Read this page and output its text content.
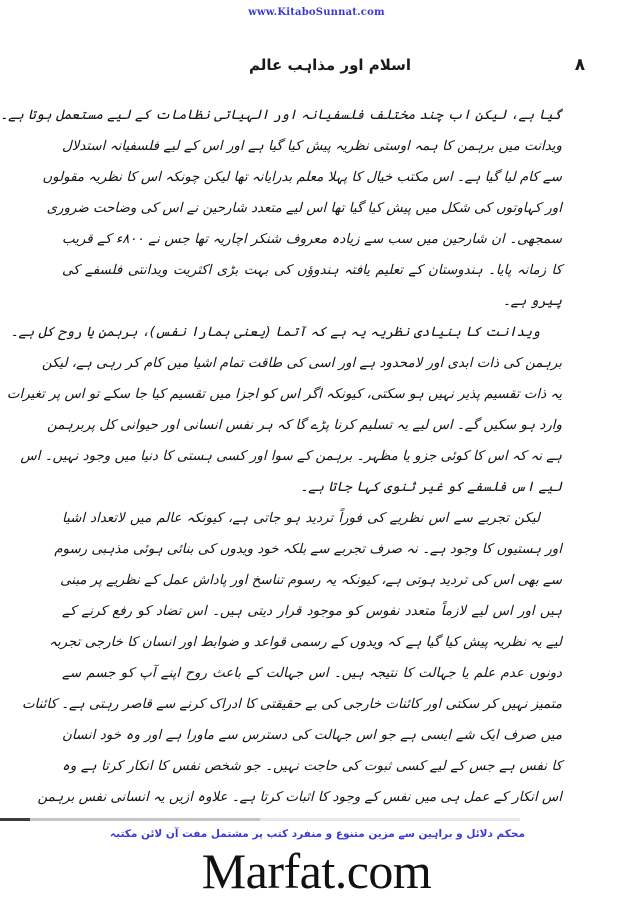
www.KitaboSunnat.com
اسلام اور مذاہب عالم	۸
گیا ہے، لیکن اب چند مختلف فلسفیانہ اور الہیاتی نظامات کے لیے مستعمل ہوتا ہے۔
ویدانت میں برہمن کا ہمہ اوستی نظریہ پیش کیا گیا ہے اور اس کے لیے فلسفیانہ استدلال
سے کام لیا گیا ہے۔ اس مکتب خیال کا پہلا معلم بدرایانہ تھا لیکن چونکہ اس کا نظریہ مقولوں
اور کہاوتوں کی شکل میں پیش کیا گیا تھا اس لیے متعدد شارحین نے اس کی وضاحت ضروری
سمجھی۔ ان شارحین میں سب سے زیادہ معروف شنکر اچاریہ تھا جس نے ۸۰۰ء کے قریب
کا زمانہ پایا۔ ہندوستان کے تعلیم یافتہ ہندوؤں کی بہت بڑی اکثریت ویدانتی فلسفے کی
پیرو ہے۔
ویدانت کا بنیادی نظریہ یہ ہے کہ آتما (یعنی ہمارا نفس)، برہمن یا روح کل ہے۔
برہمن کی ذات ابدی اور لامحدود ہے اور اسی کی طاقت تمام اشیا میں کام کر رہی ہے، لیکن
یہ ذات تقسیم پذیر نہیں ہو سکتی، کیونکہ اگر اس کو اجزا میں تقسیم کیا جا سکے تو اس پر تغیرات
وارد ہو سکیں گے۔ اس لیے یہ تسلیم کرنا پڑے گا کہ ہر نفس انسانی اور حیوانی کل پربرہمن
ہے نہ کہ اس کا کوئی جزو یا مظہر۔ برہمن کے سوا اور کسی ہستی کا دنیا میں وجود نہیں۔ اس
لیے اس فلسفے کو غیر ثنوی کہا جاتا ہے۔
لیکن تجربے سے اس نظریے کی فوراً تردید ہو جاتی ہے، کیونکہ عالم میں لاتعداد اشیا
اور ہستیوں کا وجود ہے۔ نہ صرف تجربے سے بلکہ خود ویدوں کی بنائی ہوئی مذہبی رسوم
سے بھی اس کی تردید ہوتی ہے، کیونکہ یہ رسوم تناسخ اور پاداش عمل کے نظریے پر مبنی
ہیں اور اس لیے لازماً متعدد نفوس کو موجود قرار دیتی ہیں۔ اس تضاد کو رفع کرنے کے
لیے یہ نظریہ پیش کیا گیا ہے کہ ویدوں کے رسمی قواعد و ضوابط اور انسان کا خارجی تجربہ
دونوں عدم علم یا جہالت کا نتیجہ ہیں۔ اس جہالت کے باعث روح اپنے آپ کو جسم سے
متمیز نہیں کر سکتی اور کائنات خارجی کی بے حقیقتی کا ادراک کرنے سے قاصر رہتی ہے۔ کائنات
میں صرف ایک شے ایسی ہے جو اس جہالت کی دسترس سے ماورا ہے اور وہ خود انسان
کا نفس ہے جس کے لیے کسی ثبوت کی حاجت نہیں۔ جو شخص نفس کا انکار کرتا ہے وہ
اس انکار کے عمل ہی میں نفس کے وجود کا اثبات کرتا ہے۔ علاوہ ازیں یہ انسانی نفس برہمن
محکم دلائل و براہین سے مزین متنوع و منفرد کتب پر مشتمل مفت آن لائن مکتبہ
Marfat.com
